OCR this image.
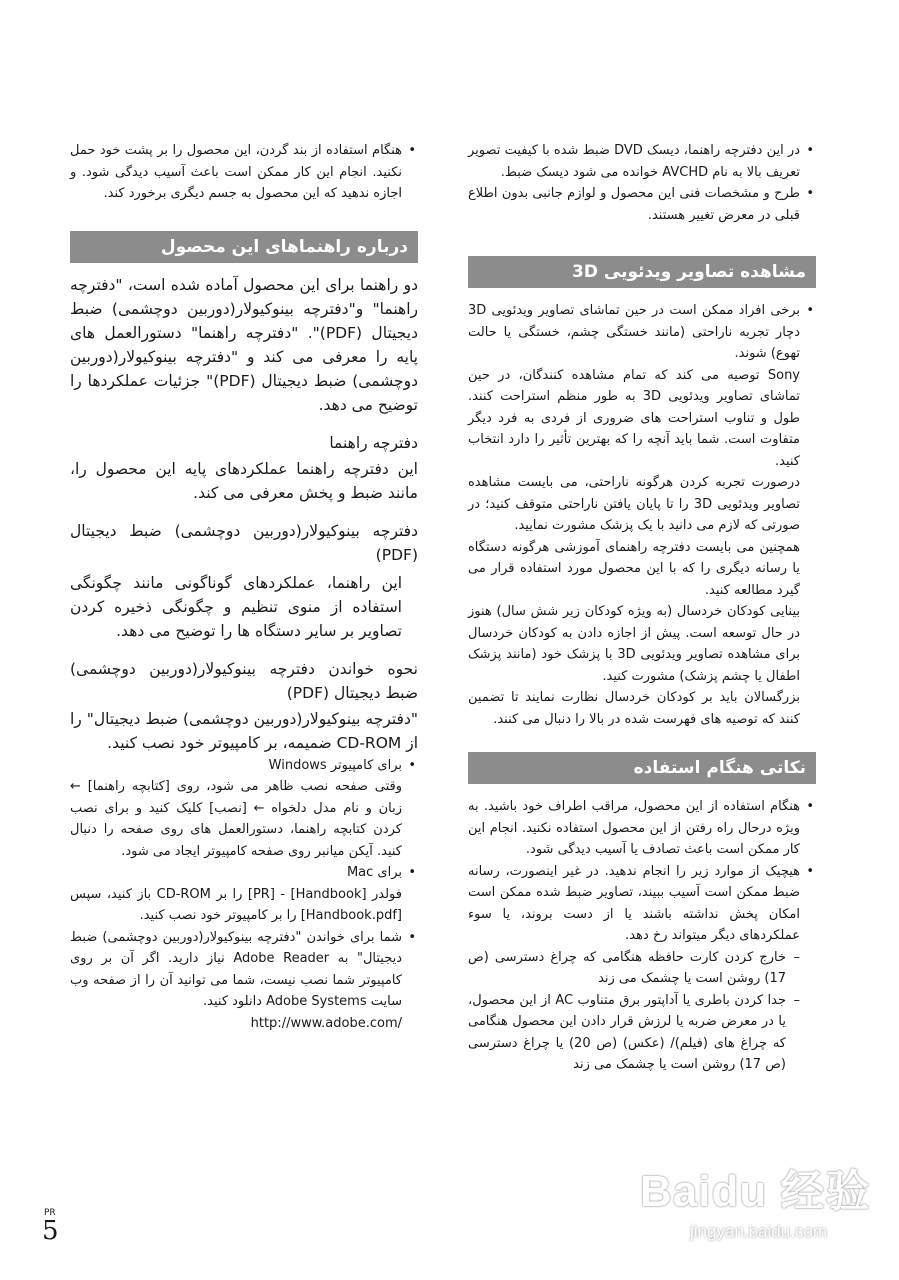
• در این دفترچه راهنما، دیسک DVD ضبط شده با کیفیت تصویر تعریف بالا به نام AVCHD خوانده می شود دیسک ضبط.

• طرح و مشخصات فنی این محصول و لوازم جانبی بدون اطلاع قبلی در معرض تغییر هستند.

مشاهده تصاویر ویدئویی 3D

• برخی افراد ممکن است در حین تماشای تصاویر ویدئویی 3D دچار تجربه ناراحتی (مانند خستگی چشم، خستگی یا حالت تهوع) شوند.

Sony توصیه می کند که تمام مشاهده کنندگان، در حین تماشای تصاویر ویدئویی 3D به طور منظم استراحت کنند. طول و تناوب استراحت های ضروری از فردی به فرد دیگر متفاوت است. شما باید آنچه را که بهترین تأثیر را دارد انتخاب کنید.

درصورت تجربه کردن هرگونه ناراحتی، می بایست مشاهده تصاویر ویدئویی 3D را تا پایان یافتن ناراحتی متوقف کنید؛ در صورتی که لازم می دانید با یک پزشک مشورت نمایید.

همچنین می بایست دفترچه راهنمای آموزشی هرگونه دستگاه یا رسانه دیگری را که با این محصول مورد استفاده قرار می گیرد مطالعه کنید.

بینایی کودکان خردسال (به ویژه کودکان زیر شش سال) هنوز در حال توسعه است. پیش از اجازه دادن به کودکان خردسال برای مشاهده تصاویر ویدئویی 3D با پزشک خود (مانند پزشک اطفال یا چشم پزشک) مشورت کنید.

بزرگسالان باید بر کودکان خردسال نظارت نمایند تا تضمین کنند که توصیه های فهرست شده در بالا را دنبال می کنند.

نکاتی هنگام استفاده

• هنگام استفاده از این محصول، مراقب اطراف خود باشید. به ویژه درحال راه رفتن از این محصول استفاده نکنید. انجام این کار ممکن است باعث تصادف یا آسیب دیدگی شود.

• هیچیک از موارد زیر را انجام ندهید. در غیر اینصورت، رسانه ضبط ممکن است آسیب ببیند، تصاویر ضبط شده ممکن است امکان پخش نداشته باشند یا از دست بروند، یا سوء عملکردهای دیگر میتواند رخ دهد.

– خارج کردن کارت حافظه هنگامی که چراغ دسترسی (ص 17) روشن است یا چشمک می زند

– جدا کردن باطری یا آداپتور برق متناوب AC از این محصول، یا در معرض ضربه یا لرزش قرار دادن این محصول هنگامی که چراغ های (فیلم)/ (عکس) (ص 20) یا چراغ دسترسی (ص 17) روشن است یا چشمک می زند

• هنگام استفاده از بند گردن، این محصول را بر پشت خود حمل نکنید. انجام این کار ممکن است باعث آسیب دیدگی شود. و اجازه ندهید که این محصول به جسم دیگری برخورد کند.

درباره راهنماهای این محصول

دو راهنما برای این محصول آماده شده است، "دفترچه راهنما" و"دفترچه بینوکیولار(دوربین دوچشمی) ضبط دیجیتال (PDF)". "دفترچه راهنما" دستورالعمل های پایه را معرفی می کند و "دفترچه بینوکیولار(دوربین دوچشمی) ضبط دیجیتال (PDF)" جزئیات عملکردها را توضیح می دهد.

دفترچه راهنما

این دفترچه راهنما عملکردهای پایه این محصول را، مانند ضبط و پخش معرفی می کند.

دفترچه بینوکیولار(دوربین دوچشمی) ضبط دیجیتال (PDF)

این راهنما، عملکردهای گوناگونی مانند چگونگی استفاده از منوی تنظیم و چگونگی ذخیره کردن تصاویر بر سایر دستگاه ها را توضیح می دهد.

نحوه خواندن دفترچه بینوکیولار(دوربین دوچشمی) ضبط دیجیتال (PDF)

"دفترچه بینوکیولار(دوربین دوچشمی) ضبط دیجیتال" را از CD-ROM ضمیمه، بر کامپیوتر خود نصب کنید.

• برای کامپیوتر Windows

وقتی صفحه نصب ظاهر می شود، روی [کتابچه راهنما] ← زبان و نام مدل دلخواه ← [نصب] کلیک کنید و برای نصب کردن کتابچه راهنما، دستورالعمل های روی صفحه را دنبال کنید. آیکن میانبر روی صفحه کامپیوتر ایجاد می شود.

• برای Mac

فولدر [Handbook] - [PR] را بر CD-ROM باز کنید، سپس [Handbook.pdf] را بر کامپیوتر خود نصب کنید.

• شما برای خواندن "دفترچه بینوکیولار(دوربین دوچشمی) ضبط دیجیتال" به Adobe Reader نیاز دارید. اگر آن بر روی کامپیوتر شما نصب نیست، شما می توانید آن را از صفحه وب سایت Adobe Systems دانلود کنید.

http://www.adobe.com/

PR
5
Baidu 经验
jingyan.baidu.com
